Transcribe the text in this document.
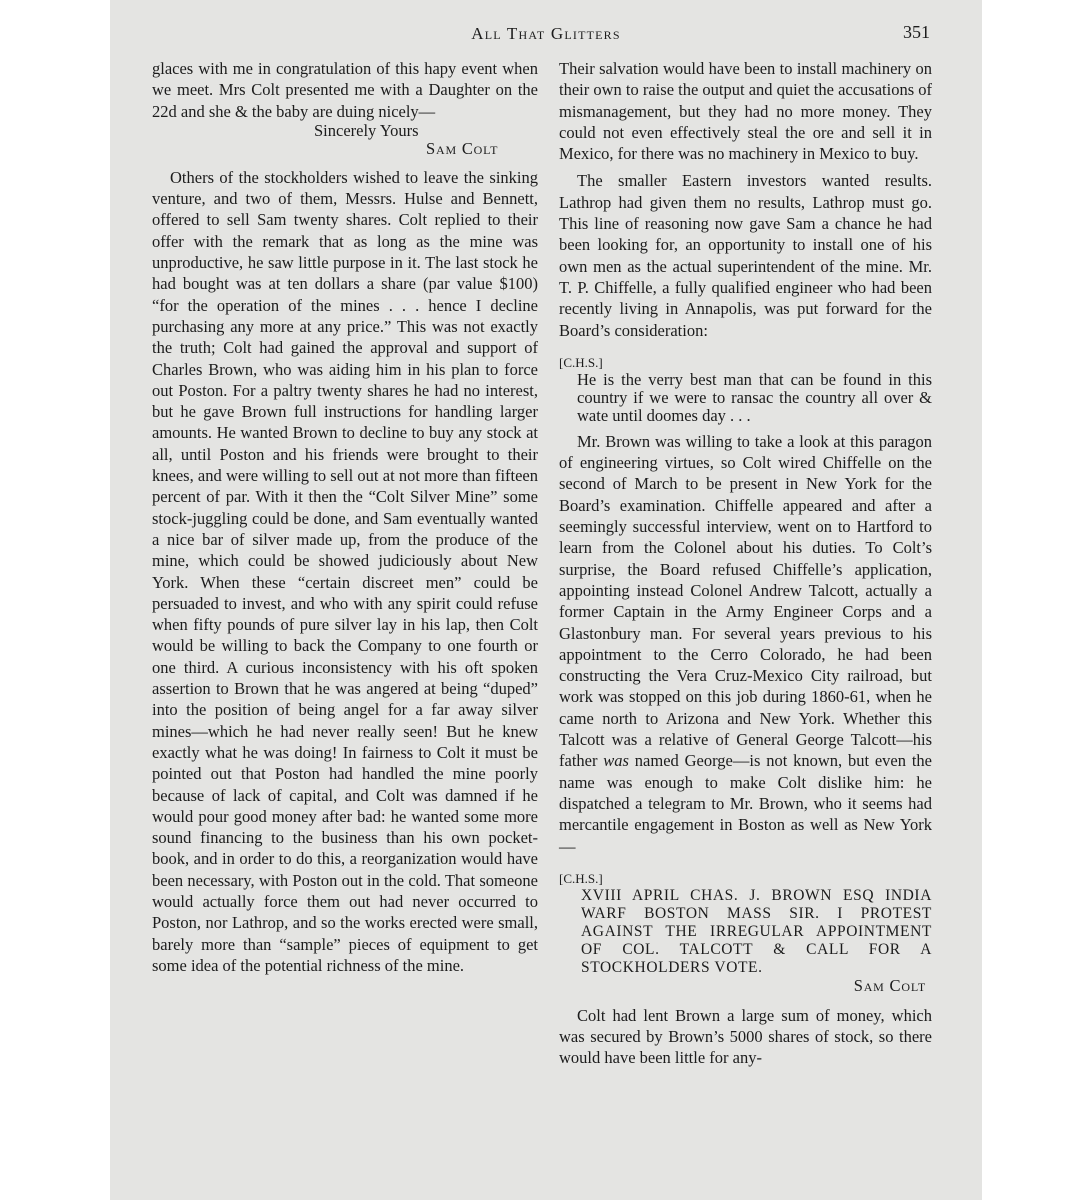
All That Glitters	351

glaces with me in congratulation of this hapy event when we meet. Mrs Colt presented me with a Daughter on the 22d and she & the baby are duing nicely—

Sincerely Yours

Sam Colt

Others of the stockholders wished to leave the sinking venture, and two of them, Messrs. Hulse and Bennett, offered to sell Sam twenty shares. Colt replied to their offer with the remark that as long as the mine was unproductive, he saw little purpose in it. The last stock he had bought was at ten dollars a share (par value $100) “for the operation of the mines . . . hence I decline purchasing any more at any price.” This was not exactly the truth; Colt had gained the approval and support of Charles Brown, who was aiding him in his plan to force out Poston. For a paltry twenty shares he had no interest, but he gave Brown full instructions for handling larger amounts. He wanted Brown to decline to buy any stock at all, until Poston and his friends were brought to their knees, and were willing to sell out at not more than fifteen percent of par. With it then the “Colt Silver Mine” some stock-juggling could be done, and Sam eventually wanted a nice bar of silver made up, from the produce of the mine, which could be showed judiciously about New York. When these “certain discreet men” could be persuaded to invest, and who with any spirit could refuse when fifty pounds of pure silver lay in his lap, then Colt would be willing to back the Company to one fourth or one third. A curious inconsistency with his oft spoken assertion to Brown that he was angered at being “duped” into the position of being angel for a far away silver mines—which he had never really seen! But he knew exactly what he was doing! In fairness to Colt it must be pointed out that Poston had handled the mine poorly because of lack of capital, and Colt was damned if he would pour good money after bad: he wanted some more sound financing to the business than his own pocket-book, and in order to do this, a reorganization would have been necessary, with Poston out in the cold. That someone would actually force them out had never occurred to Poston, nor Lathrop, and so the works erected were small, barely more than “sample” pieces of equipment to get some idea of the potential richness of the mine.

Their salvation would have been to install machinery on their own to raise the output and quiet the accusations of mismanagement, but they had no more money. They could not even effectively steal the ore and sell it in Mexico, for there was no machinery in Mexico to buy.

The smaller Eastern investors wanted results. Lathrop had given them no results, Lathrop must go. This line of reasoning now gave Sam a chance he had been looking for, an opportunity to install one of his own men as the actual superintendent of the mine. Mr. T. P. Chiffelle, a fully qualified engineer who had been recently living in Annapolis, was put forward for the Board’s consideration:

[C.H.S.]

He is the verry best man that can be found in this country if we were to ransac the country all over & wate until doomes day . . .

Mr. Brown was willing to take a look at this paragon of engineering virtues, so Colt wired Chiffelle on the second of March to be present in New York for the Board’s examination. Chiffelle appeared and after a seemingly successful interview, went on to Hartford to learn from the Colonel about his duties. To Colt’s surprise, the Board refused Chiffelle’s application, appointing instead Colonel Andrew Talcott, actually a former Captain in the Army Engineer Corps and a Glastonbury man. For several years previous to his appointment to the Cerro Colorado, he had been constructing the Vera Cruz-Mexico City railroad, but work was stopped on this job during 1860-61, when he came north to Arizona and New York. Whether this Talcott was a relative of General George Talcott—his father was named George—is not known, but even the name was enough to make Colt dislike him: he dispatched a telegram to Mr. Brown, who it seems had mercantile engagement in Boston as well as New York—

[C.H.S.]

XVIII APRIL CHAS. J. BROWN ESQ INDIA WARF BOSTON MASS SIR. I PROTEST AGAINST THE IRREGULAR APPOINTMENT OF COL. TALCOTT & CALL FOR A STOCKHOLDERS VOTE.

Sam Colt

Colt had lent Brown a large sum of money, which was secured by Brown’s 5000 shares of stock, so there would have been little for any-
